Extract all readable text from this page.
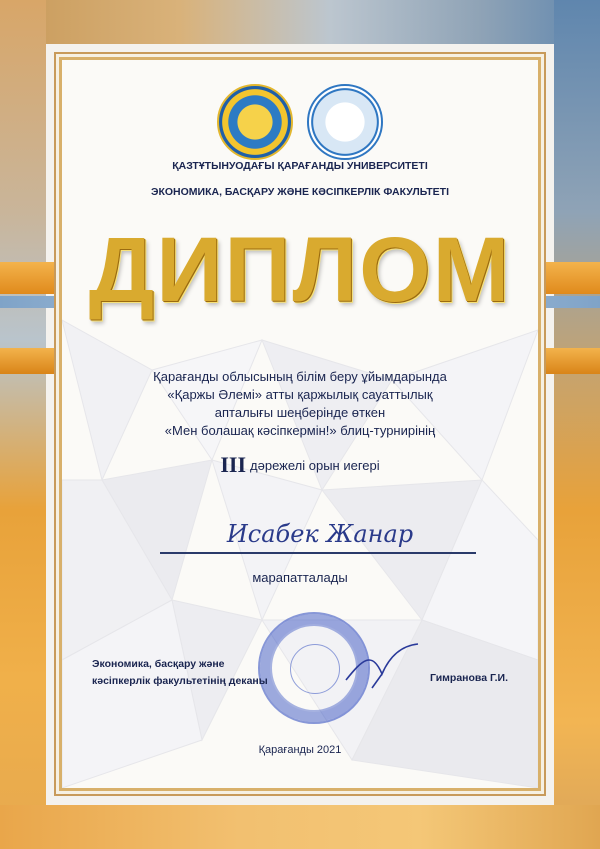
ҚАЗТҰТЫНУОДАҒЫ ҚАРАҒАНДЫ УНИВЕРСИТЕТІ
ЭКОНОМИКА, БАСҚАРУ ЖӘНЕ КӘСІПКЕРЛІК ФАКУЛЬТЕТІ
ДИПЛОМ
Қарағанды облысының білім беру ұйымдарында
«Қаржы Әлемі» атты қаржылық сауаттылық
апталығы шеңберінде өткен
«Мен болашақ кәсіпкермін!» блиц-турнирінің
III дәрежелі орын иегері
Исабек Жанар
марапатталады
Экономика, басқару және
кәсіпкерлік факультетінің деканы	Гимранова Г.И.
Қарағанды 2021
